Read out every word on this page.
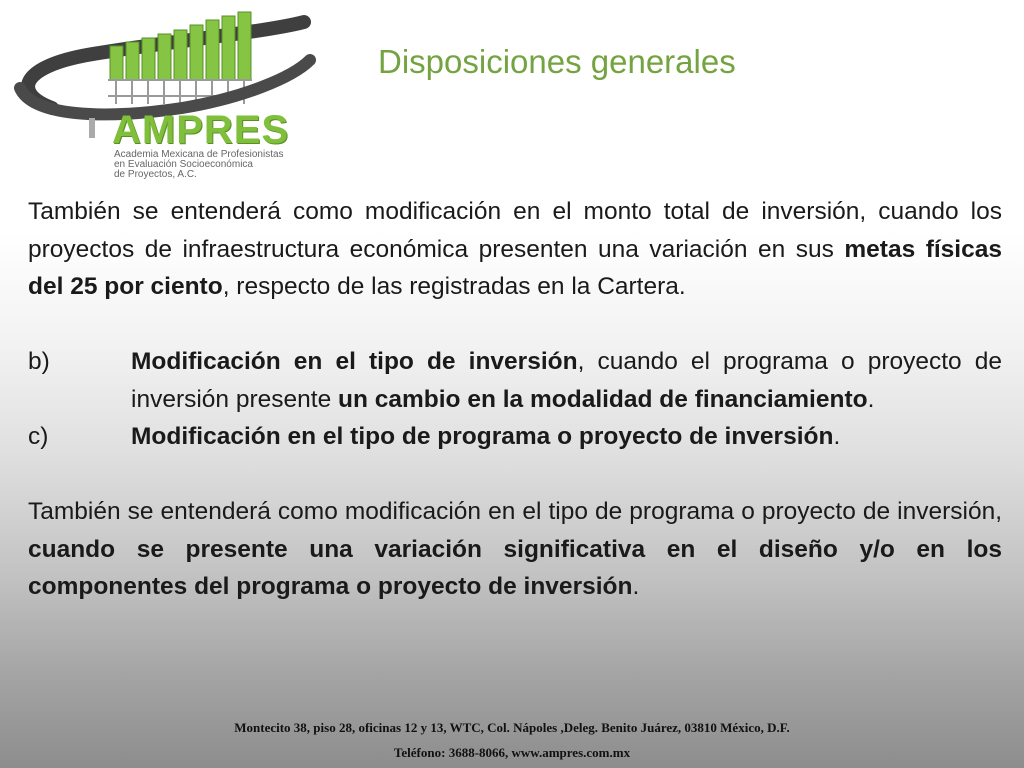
AMPRES
Academia Mexicana de Profesionistas
en Evaluación Socioeconómica
de Proyectos, A.C.
Disposiciones generales

También se entenderá como modificación en el monto total de inversión, cuando los proyectos de infraestructura económica presenten una variación en sus metas físicas del 25 por ciento, respecto de las registradas en la Cartera.

b)	Modificación en el tipo de inversión, cuando el programa o proyecto de inversión presente un cambio en la modalidad de financiamiento.
c)	Modificación en el tipo de programa o proyecto de inversión.

También se entenderá como modificación en el tipo de programa o proyecto de inversión, cuando se presente una variación significativa en el diseño y/o en los componentes del programa o proyecto de inversión.

Montecito 38, piso 28, oficinas 12 y 13, WTC, Col. Nápoles ,Deleg. Benito Juárez, 03810 México, D.F.
Teléfono: 3688-8066, www.ampres.com.mx
